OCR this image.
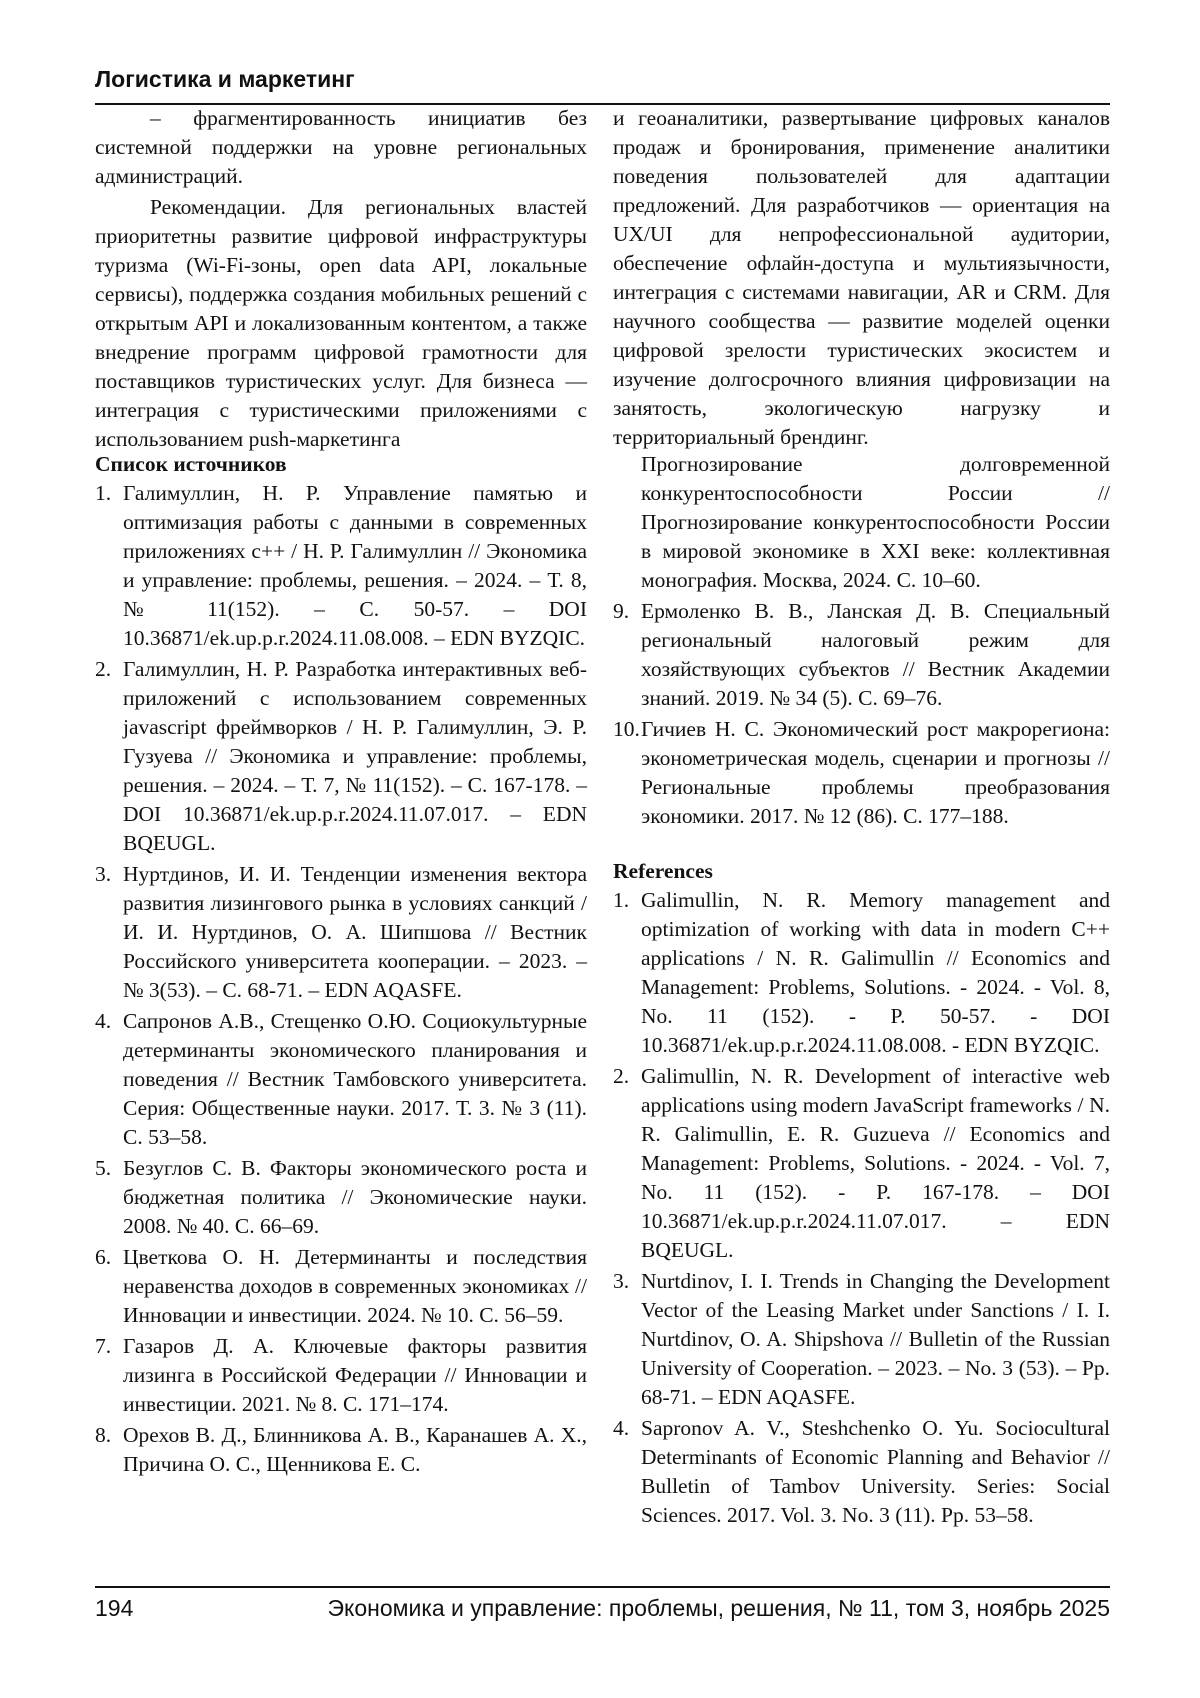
Логистика и маркетинг

– фрагментированность инициатив без системной поддержки на уровне региональных администраций.

Рекомендации. Для региональных властей приоритетны развитие цифровой инфраструктуры туризма (Wi-Fi-зоны, open data API, локальные сервисы), поддержка создания мобильных решений с открытым API и локализованным контентом, а также внедрение программ цифровой грамотности для поставщиков туристических услуг. Для бизнеса — интеграция с туристическими приложениями с использованием push-маркетинга

и геоаналитики, развертывание цифровых каналов продаж и бронирования, применение аналитики поведения пользователей для адаптации предложений. Для разработчиков — ориентация на UX/UI для непрофессиональной аудитории, обеспечение офлайн-доступа и мультиязычности, интеграция с системами навигации, AR и CRM. Для научного сообщества — развитие моделей оценки цифровой зрелости туристических экосистем и изучение долгосрочного влияния цифровизации на занятость, экологическую нагрузку и территориальный брендинг.

Список источников

1. Галимуллин, Н. Р. Управление памятью и оптимизация работы с данными в современных приложениях с++ / Н. Р. Галимуллин // Экономика и управление: проблемы, решения. – 2024. – Т. 8, № 11(152). – С. 50-57. – DOI 10.36871/ek.up.p.r.2024.11.08.008. – EDN BYZQIC.
2. Галимуллин, Н. Р. Разработка интерактивных веб-приложений с использованием современных javascript фреймворков / Н. Р. Галимуллин, Э. Р. Гузуева // Экономика и управление: проблемы, решения. – 2024. – Т. 7, № 11(152). – С. 167-178. – DOI 10.36871/ek.up.p.r.2024.11.07.017. – EDN BQEUGL.
3. Нуртдинов, И. И. Тенденции изменения вектора развития лизингового рынка в условиях санкций / И. И. Нуртдинов, О. А. Шипшова // Вестник Российского университета кооперации. – 2023. – № 3(53). – С. 68-71. – EDN AQASFE.
4. Сапронов А.В., Стещенко О.Ю. Социокультурные детерминанты экономического планирования и поведения // Вестник Тамбовского университета. Серия: Общественные науки. 2017. Т. 3. № 3 (11). С. 53–58.
5. Безуглов С. В. Факторы экономического роста и бюджетная политика // Экономические науки. 2008. № 40. С. 66–69.
6. Цветкова О. Н. Детерминанты и последствия неравенства доходов в современных экономиках // Инновации и инвестиции. 2024. № 10. С. 56–59.
7. Газаров Д. А. Ключевые факторы развития лизинга в Российской Федерации // Инновации и инвестиции. 2021. № 8. С. 171–174.
8. Орехов В. Д., Блинникова А. В., Каранашев А. Х., Причина О. С., Щенникова Е. С.
Прогнозирование долговременной конкурентоспособности России // Прогнозирование конкурентоспособности России в мировой экономике в XXI веке: коллективная монография. Москва, 2024. С. 10–60.
9. Ермоленко В. В., Ланская Д. В. Специальный региональный налоговый режим для хозяйствующих субъектов // Вестник Академии знаний. 2019. № 34 (5). С. 69–76.
10. Гичиев Н. С. Экономический рост макрорегиона: эконометрическая модель, сценарии и прогнозы // Региональные проблемы преобразования экономики. 2017. № 12 (86). С. 177–188.

References

1. Galimullin, N. R. Memory management and optimization of working with data in modern C++ applications / N. R. Galimullin // Economics and Management: Problems, Solutions. - 2024. - Vol. 8, No. 11 (152). - P. 50-57. - DOI 10.36871/ek.up.p.r.2024.11.08.008. - EDN BYZQIC.
2. Galimullin, N. R. Development of interactive web applications using modern JavaScript frameworks / N. R. Galimullin, E. R. Guzueva // Economics and Management: Problems, Solutions. - 2024. - Vol. 7, No. 11 (152). - P. 167-178. – DOI 10.36871/ek.up.p.r.2024.11.07.017. – EDN BQEUGL.
3. Nurtdinov, I. I. Trends in Changing the Development Vector of the Leasing Market under Sanctions / I. I. Nurtdinov, O. A. Shipshova // Bulletin of the Russian University of Cooperation. – 2023. – No. 3 (53). – Pp. 68-71. – EDN AQASFE.
4. Sapronov A. V., Steshchenko O. Yu. Sociocultural Determinants of Economic Planning and Behavior // Bulletin of Tambov University. Series: Social Sciences. 2017. Vol. 3. No. 3 (11). Pp. 53–58.
194	Экономика и управление: проблемы, решения, № 11, том 3, ноябрь 2025
